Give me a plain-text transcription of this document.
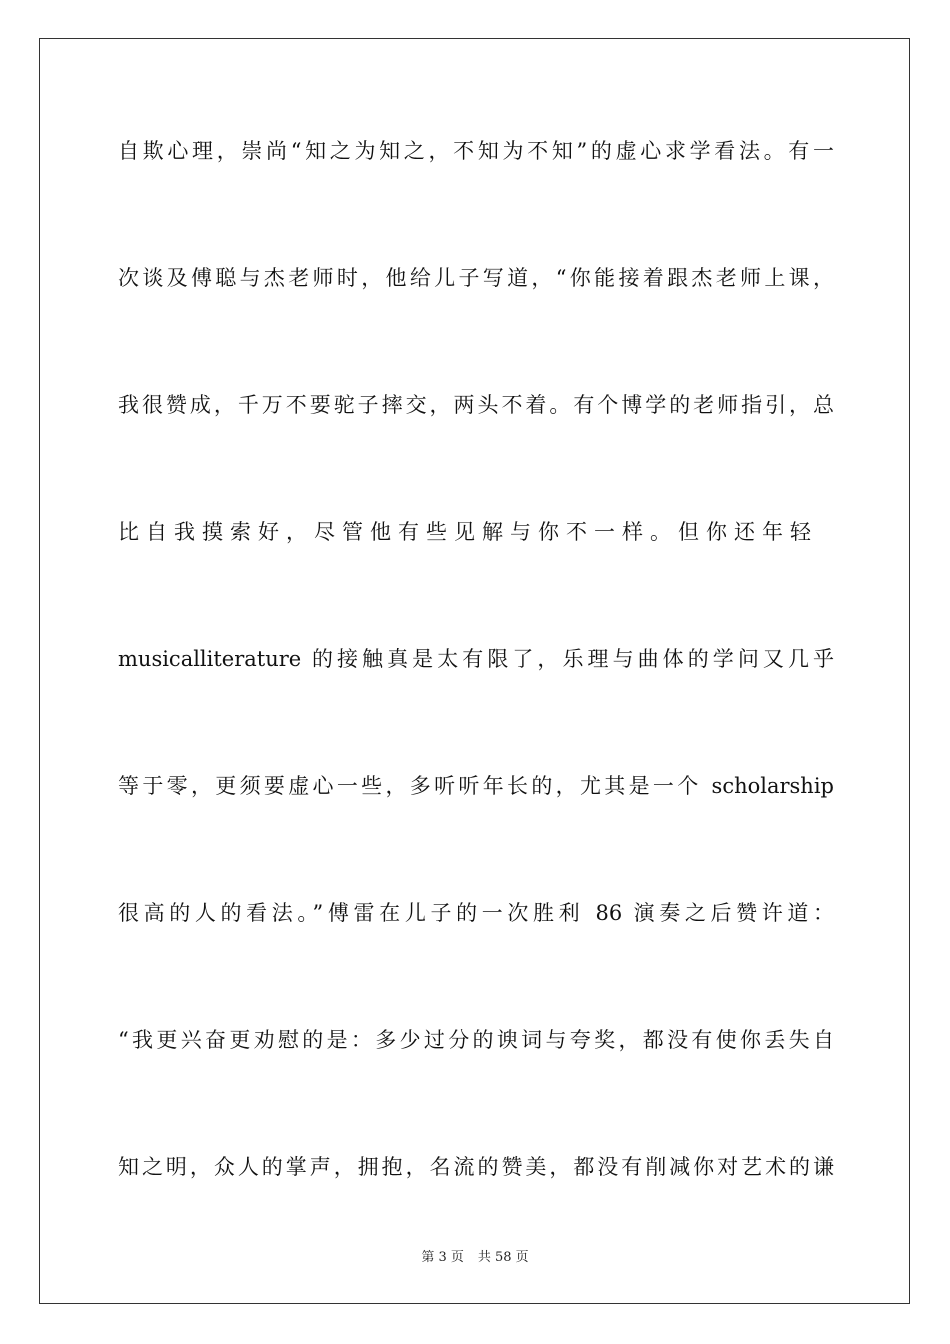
自欺心理，崇尚“知之为知之，不知为不知”的虚心求学看法。有一
次谈及傅聪与杰老师时，他给儿子写道，“你能接着跟杰老师上课，
我很赞成，千万不要驼子摔交，两头不着。有个博学的老师指引，总
比自我摸索好，尽管他有些见解与你不一样。但你还年轻
musicalliterature 的接触真是太有限了，乐理与曲体的学问又几乎
等于零，更须要虚心一些，多听听年长的，尤其是一个 scholarship
很高的人的看法。”傅雷在儿子的一次胜利 86 演奏之后赞许道：
“我更兴奋更劝慰的是：多少过分的谀词与夸奖，都没有使你丢失自
知之明，众人的掌声，拥抱，名流的赞美，都没有削减你对艺术的谦
第 3 页 共 58 页
